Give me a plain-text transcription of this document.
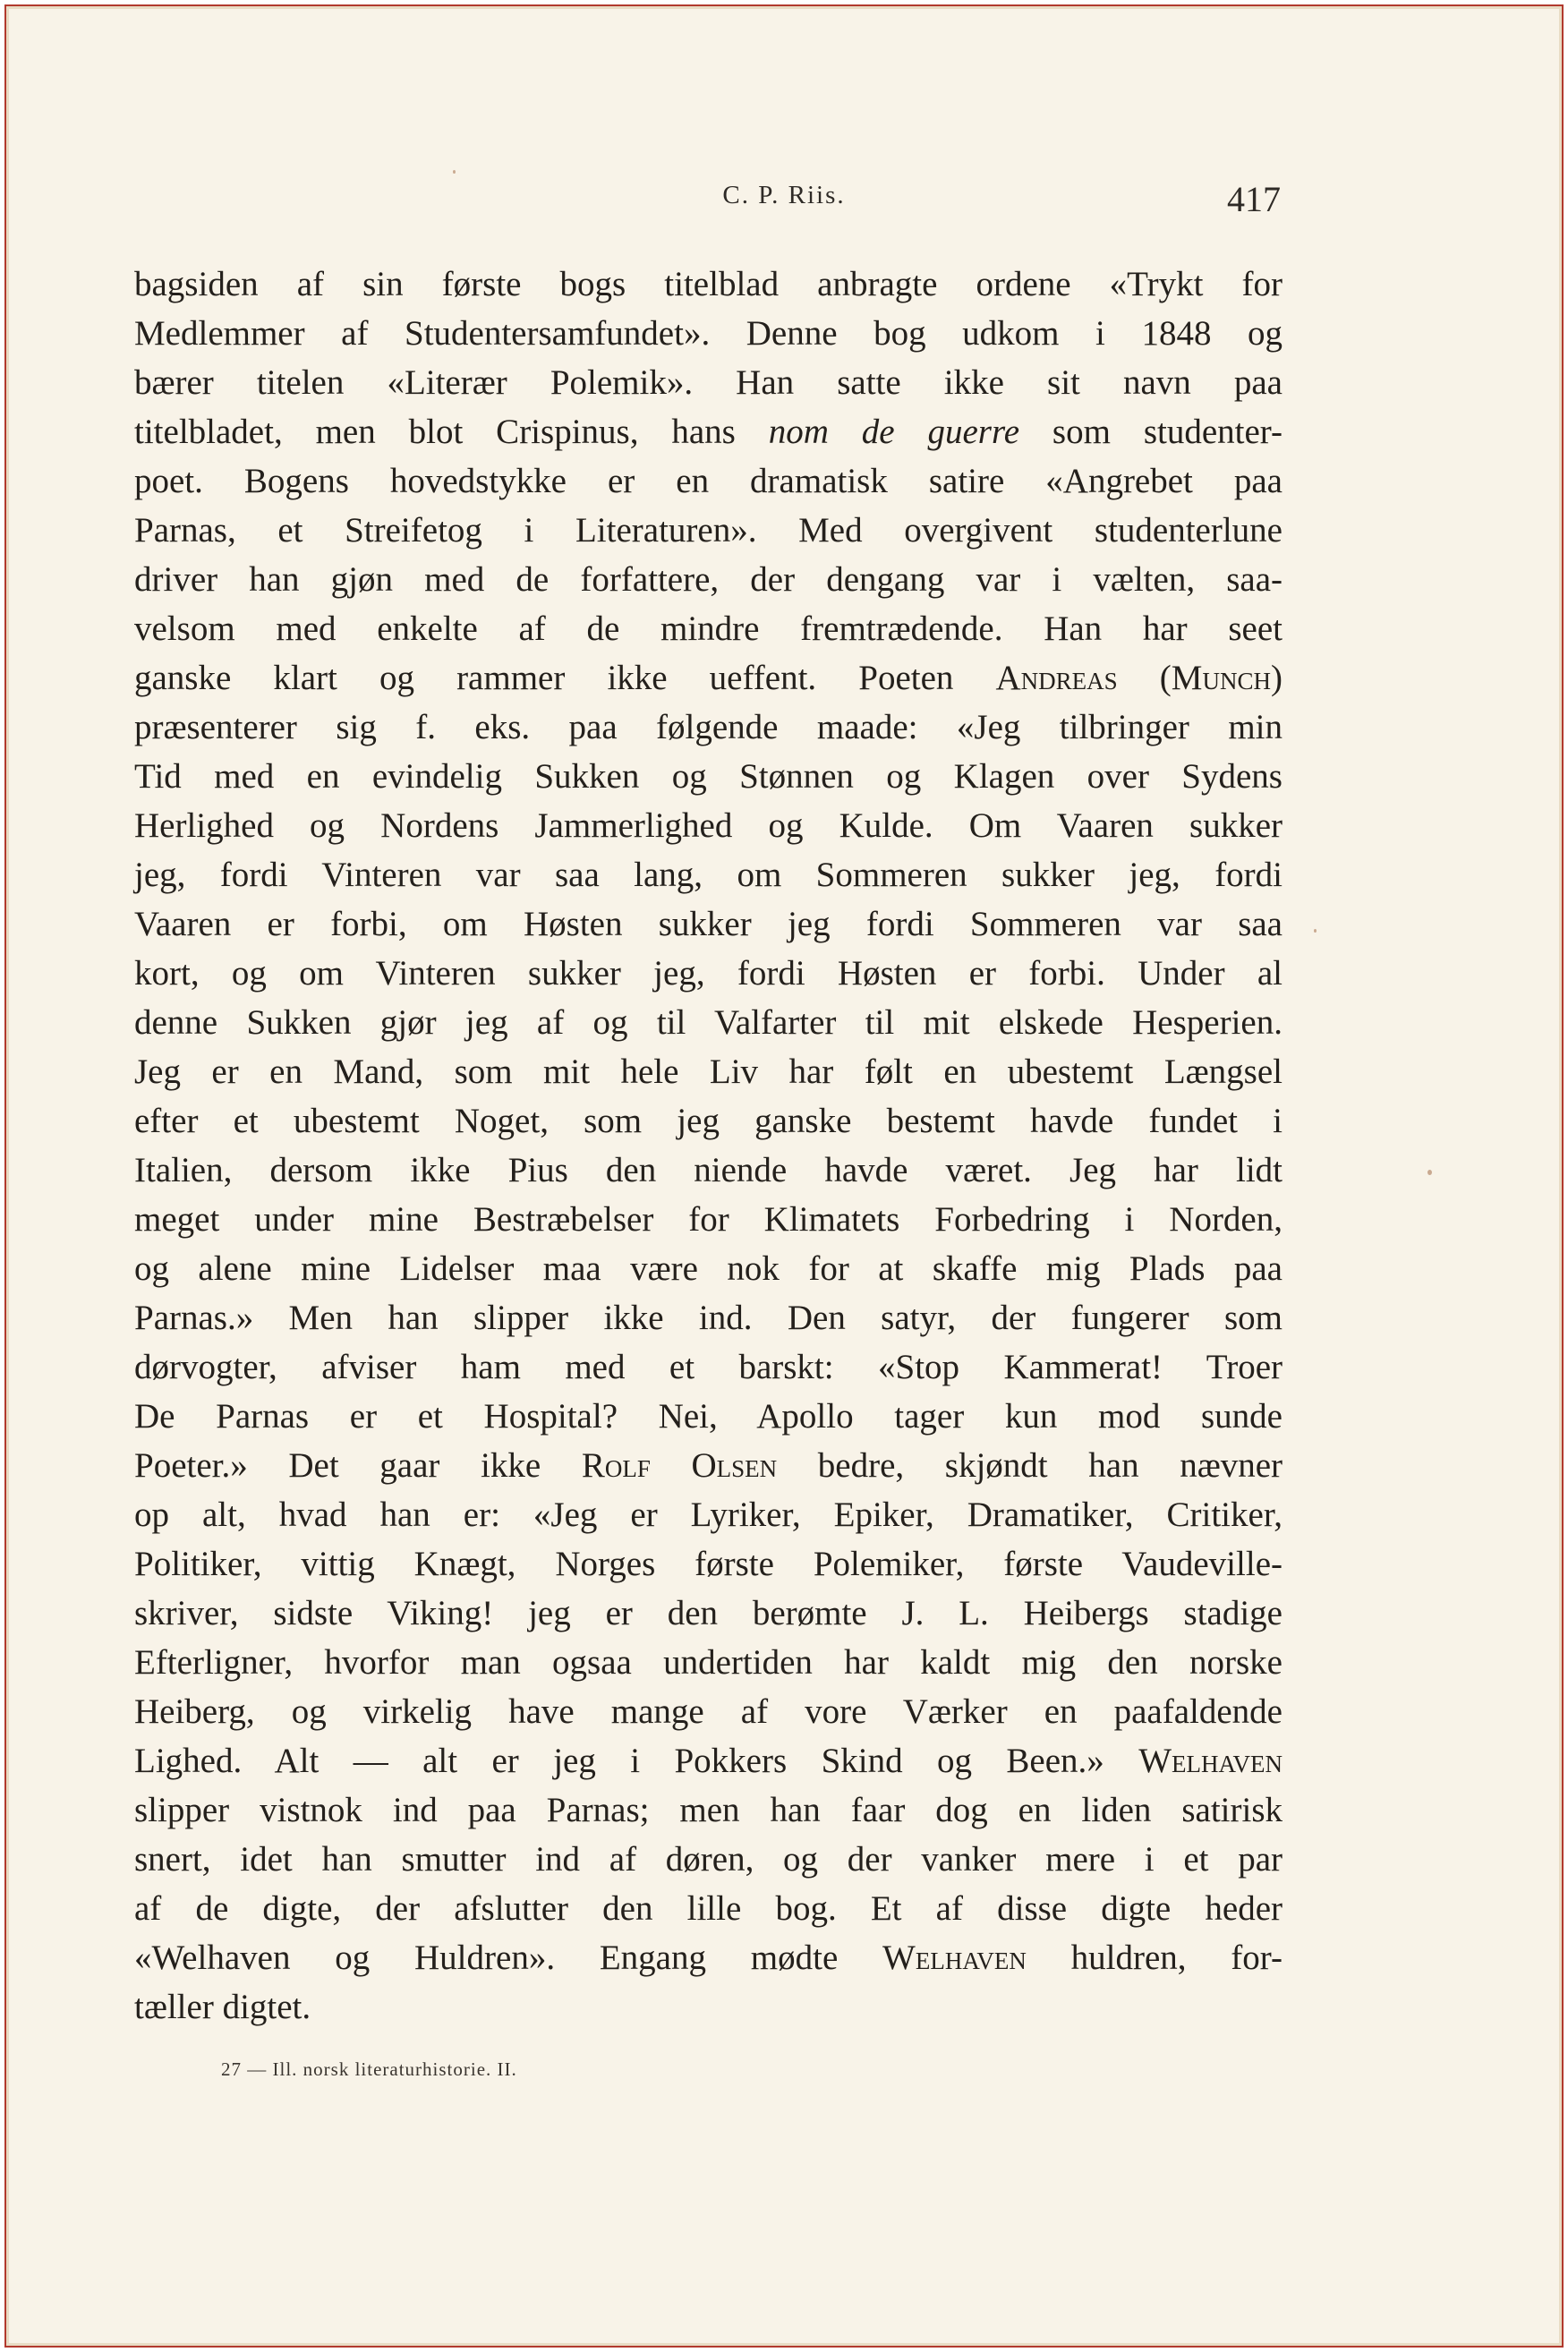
C. P. Riis.	417
bagsiden af sin første bogs titelblad anbragte ordene «Trykt for
Medlemmer af Studentersamfundet». Denne bog udkom i 1848 og
bærer titelen «Literær Polemik». Han satte ikke sit navn paa
titelbladet, men blot Crispinus, hans nom de guerre som studenter-
poet. Bogens hovedstykke er en dramatisk satire «Angrebet paa
Parnas, et Streifetog i Literaturen». Med overgivent studenterlune
driver han gjøn med de forfattere, der dengang var i vælten, saa-
velsom med enkelte af de mindre fremtrædende. Han har seet
ganske klart og rammer ikke ueffent. Poeten Andreas (Munch)
præsenterer sig f. eks. paa følgende maade: «Jeg tilbringer min
Tid med en evindelig Sukken og Stønnen og Klagen over Sydens
Herlighed og Nordens Jammerlighed og Kulde. Om Vaaren sukker
jeg, fordi Vinteren var saa lang, om Sommeren sukker jeg, fordi
Vaaren er forbi, om Høsten sukker jeg fordi Sommeren var saa
kort, og om Vinteren sukker jeg, fordi Høsten er forbi. Under al
denne Sukken gjør jeg af og til Valfarter til mit elskede Hesperien.
Jeg er en Mand, som mit hele Liv har følt en ubestemt Længsel
efter et ubestemt Noget, som jeg ganske bestemt havde fundet i
Italien, dersom ikke Pius den niende havde været. Jeg har lidt
meget under mine Bestræbelser for Klimatets Forbedring i Norden,
og alene mine Lidelser maa være nok for at skaffe mig Plads paa
Parnas.» Men han slipper ikke ind. Den satyr, der fungerer som
dørvogter, afviser ham med et barskt: «Stop Kammerat! Troer
De Parnas er et Hospital? Nei, Apollo tager kun mod sunde
Poeter.» Det gaar ikke Rolf Olsen bedre, skjøndt han nævner
op alt, hvad han er: «Jeg er Lyriker, Epiker, Dramatiker, Critiker,
Politiker, vittig Knægt, Norges første Polemiker, første Vaudeville-
skriver, sidste Viking! jeg er den berømte J. L. Heibergs stadige
Efterligner, hvorfor man ogsaa undertiden har kaldt mig den norske
Heiberg, og virkelig have mange af vore Værker en paafaldende
Lighed. Alt — alt er jeg i Pokkers Skind og Been.» Welhaven
slipper vistnok ind paa Parnas; men han faar dog en liden satirisk
snert, idet han smutter ind af døren, og der vanker mere i et par
af de digte, der afslutter den lille bog. Et af disse digte heder
«Welhaven og Huldren». Engang mødte Welhaven huldren, for-
tæller digtet.
27 — Ill. norsk literaturhistorie. II.
